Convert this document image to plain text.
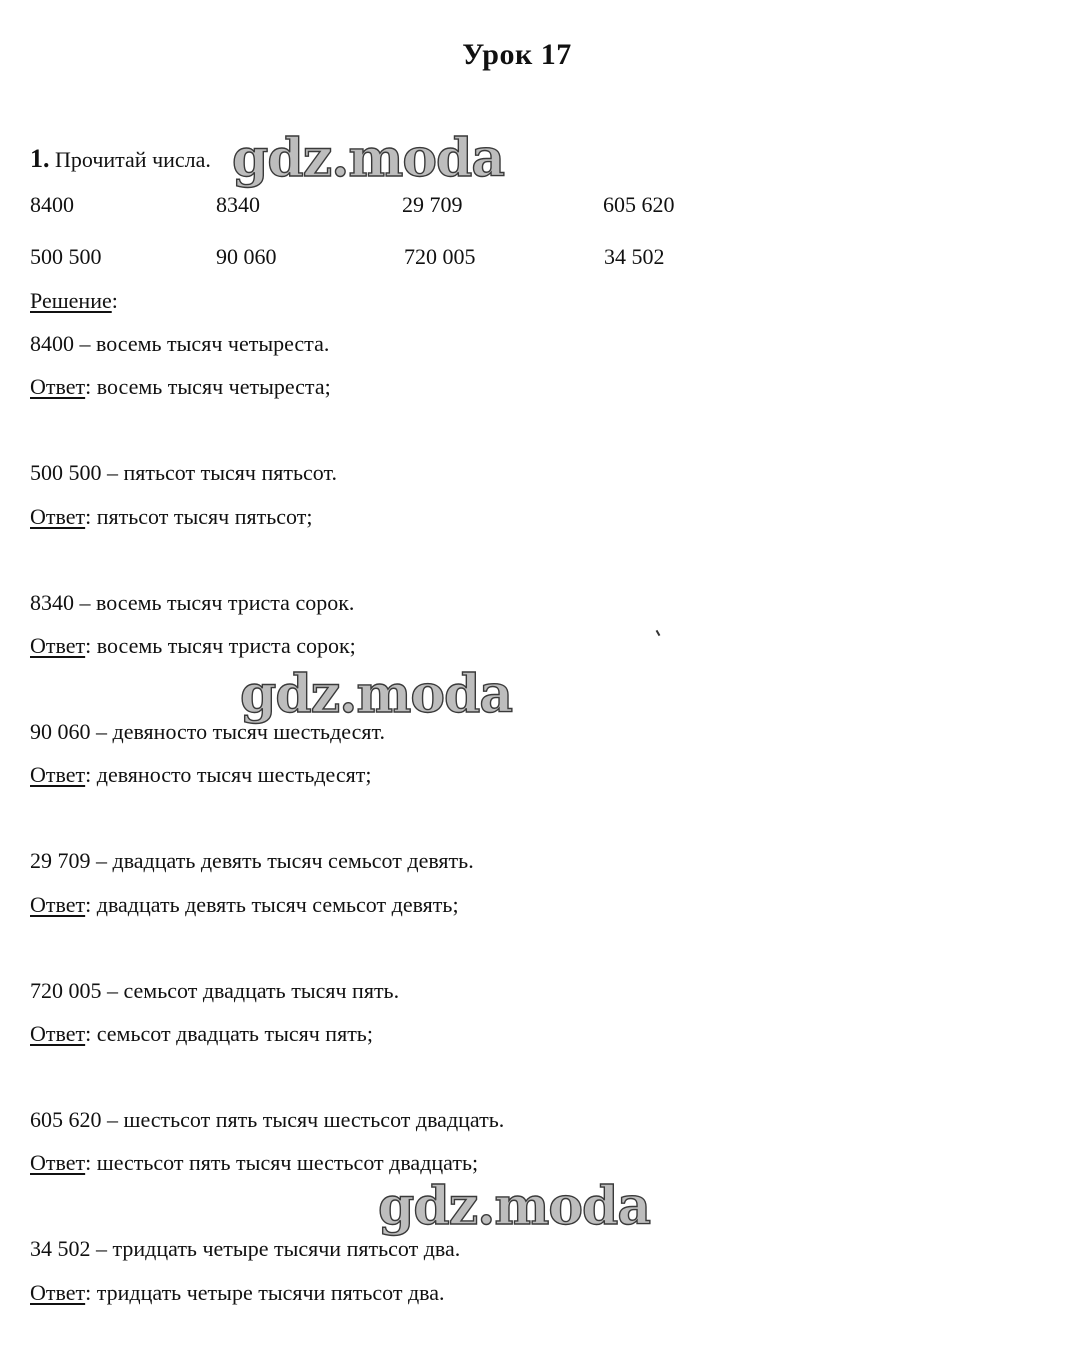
Урок 17
1. Прочитай числа.
8400	8340	29 709	605 620
500 500	90 060	720 005	34 502
Решение:
8400 – восемь тысяч четыреста.
Ответ: восемь тысяч четыреста;
500 500 – пятьсот тысяч пятьсот.
Ответ: пятьсот тысяч пятьсот;
8340 – восемь тысяч триста сорок.
Ответ: восемь тысяч триста сорок;
90 060 – девяносто тысяч шестьдесят.
Ответ: девяносто тысяч шестьдесят;
29 709 – двадцать девять тысяч семьсот девять.
Ответ: двадцать девять тысяч семьсот девять;
720 005 – семьсот двадцать тысяч пять.
Ответ: семьсот двадцать тысяч пять;
605 620 – шестьсот пять тысяч шестьсот двадцать.
Ответ: шестьсот пять тысяч шестьсот двадцать;
34 502 – тридцать четыре тысячи пятьсот два.
Ответ: тридцать четыре тысячи пятьсот два.
gdz.moda
gdz.moda
gdz.moda
